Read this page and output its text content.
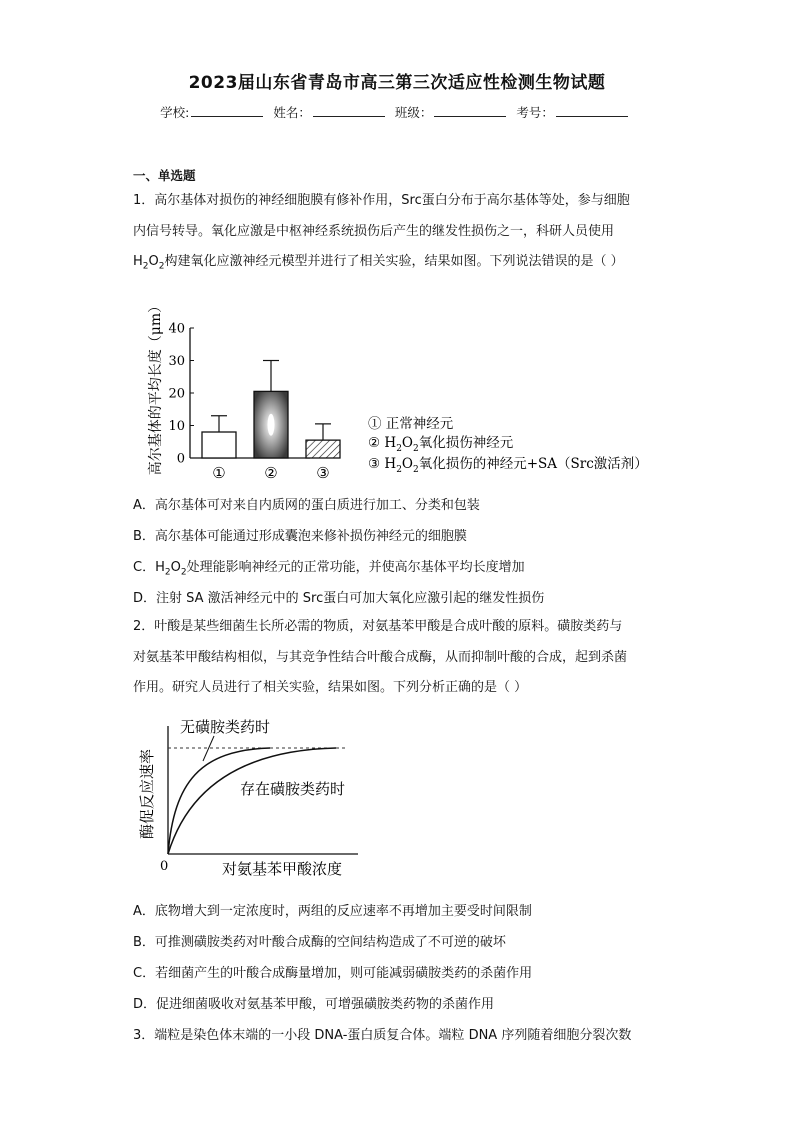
2023届山东省青岛市高三第三次适应性检测生物试题
学校:	姓名：	班级：	考号：
一、单选题
1．高尔基体对损伤的神经细胞膜有修补作用，Src蛋白分布于高尔基体等处，参与细胞
内信号转导。氧化应激是中枢神经系统损伤后产生的继发性损伤之一，科研人员使用
$H_2O_2$构建氧化应激神经元模型并进行了相关实验，结果如图。下列说法错误的是（ ）
0
10
20
30
40
高尔基体的平均长度（μm）	①	②	③
① 正常神经元
② $H_2O_2$氧化损伤神经元
③ $H_2O_2$氧化损伤的神经元+SA（Src激活剂）
A．高尔基体可对来自内质网的蛋白质进行加工、分类和包装
B．高尔基体可能通过形成囊泡来修补损伤神经元的细胞膜
C．$H_2O_2$处理能影响神经元的正常功能，并使高尔基体平均长度增加
D．注射 SA 激活神经元中的 Src蛋白可加大氧化应激引起的继发性损伤
2．叶酸是某些细菌生长所必需的物质，对氨基苯甲酸是合成叶酸的原料。磺胺类药与
对氨基苯甲酸结构相似，与其竞争性结合叶酸合成酶，从而抑制叶酸的合成，起到杀菌
作用。研究人员进行了相关实验，结果如图。下列分析正确的是（ ）
无磺胺类药时
存在磺胺类药时
酶促反应速率
对氨基苯甲酸浓度
0
A．底物增大到一定浓度时，两组的反应速率不再增加主要受时间限制
B．可推测磺胺类药对叶酸合成酶的空间结构造成了不可逆的破坏
C．若细菌产生的叶酸合成酶量增加，则可能减弱磺胺类药的杀菌作用
D．促进细菌吸收对氨基苯甲酸，可增强磺胺类药物的杀菌作用
3．端粒是染色体末端的一小段 DNA-蛋白质复合体。端粒 DNA 序列随着细胞分裂次数
